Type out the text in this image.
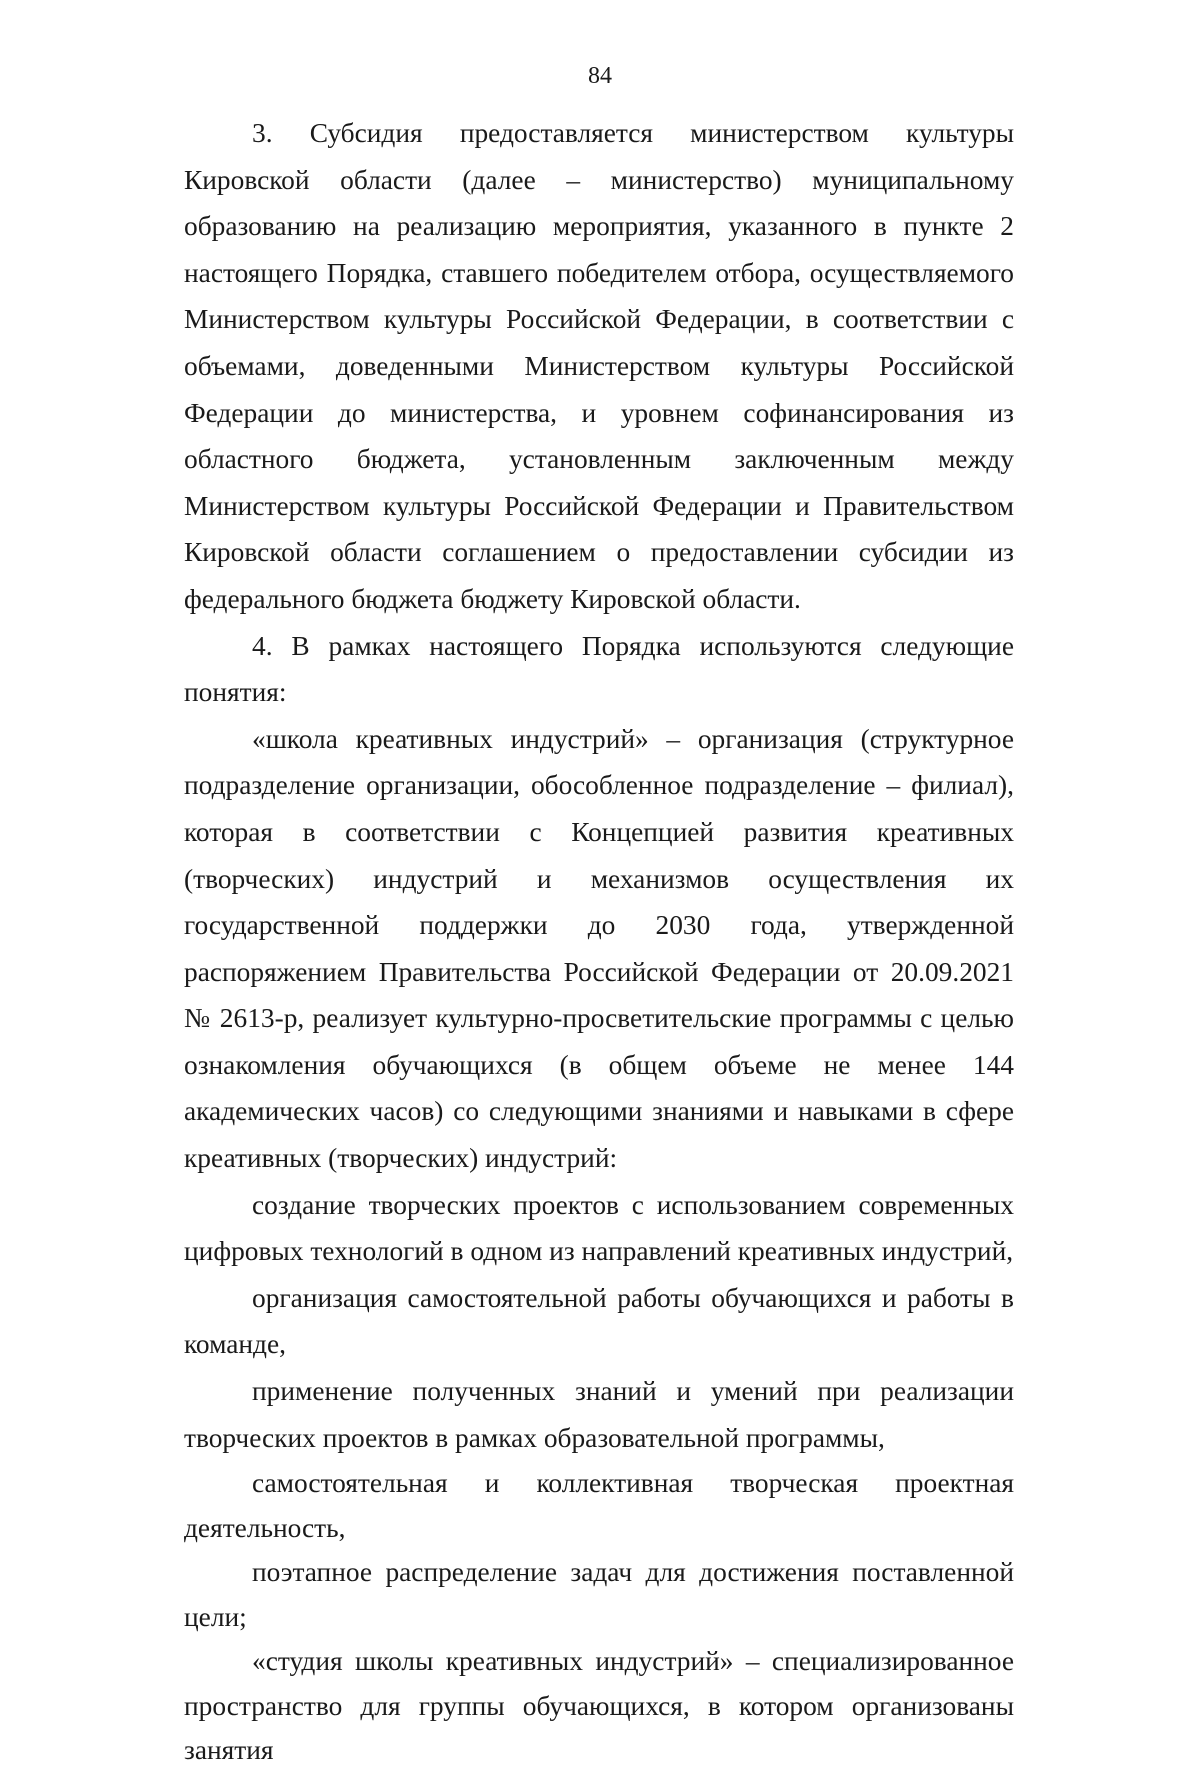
84

3. Субсидия предоставляется министерством культуры Кировской области (далее – министерство) муниципальному образованию на реализацию мероприятия, указанного в пункте 2 настоящего Порядка, ставшего победителем отбора, осуществляемого Министерством культуры Российской Федерации, в соответствии с объемами, доведенными Министерством культуры Российской Федерации до министерства, и уровнем софинансирования из областного бюджета, установленным заключенным между Министерством культуры Российской Федерации и Правительством Кировской области соглашением о предоставлении субсидии из федерального бюджета бюджету Кировской области.

4. В рамках настоящего Порядка используются следующие понятия:

«школа креативных индустрий» – организация (структурное подразделение организации, обособленное подразделение – филиал), которая в соответствии с Концепцией развития креативных (творческих) индустрий и механизмов осуществления их государственной поддержки до 2030 года, утвержденной распоряжением Правительства Российской Федерации от 20.09.2021 № 2613-р, реализует культурно-просветительские программы с целью ознакомления обучающихся (в общем объеме не менее 144 академических часов) со следующими знаниями и навыками в сфере креативных (творческих) индустрий:

создание творческих проектов с использованием современных цифровых технологий в одном из направлений креативных индустрий,

организация самостоятельной работы обучающихся и работы в команде,

применение полученных знаний и умений при реализации творческих проектов в рамках образовательной программы,

самостоятельная и коллективная творческая проектная деятельность,

поэтапное распределение задач для достижения поставленной цели;

«студия школы креативных индустрий» – специализированное пространство для группы обучающихся, в котором организованы занятия
